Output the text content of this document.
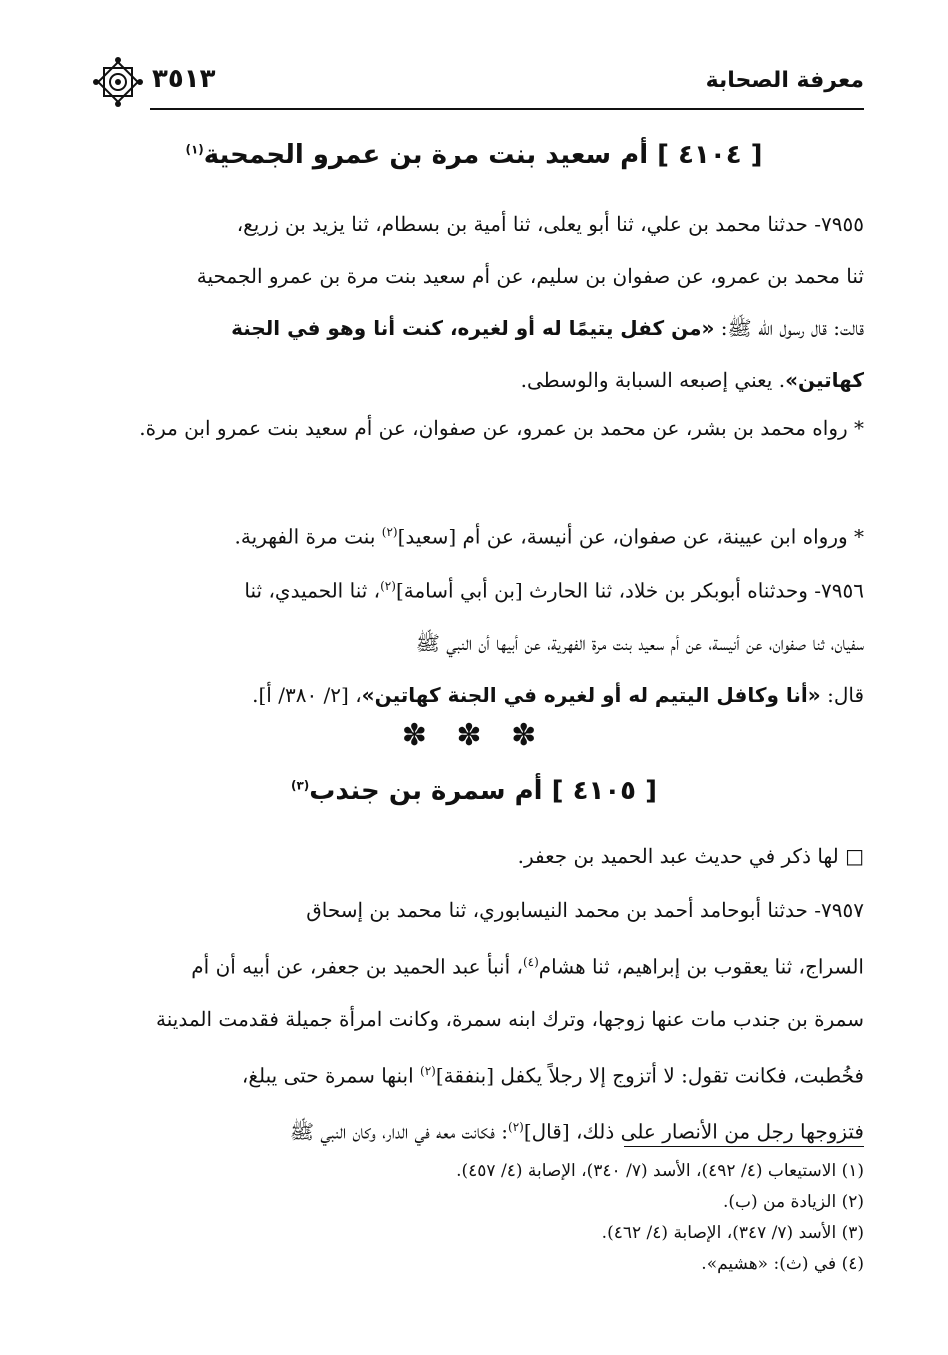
معرفة الصحابة
٣٥١٣
[ ٤١٠٤ ] أم سعيد بنت مرة بن عمرو الجمحية$^{(١)}$
٧٩٥٥- حدثنا محمد بن علي، ثنا أبو يعلى، ثنا أمية بن بسطام، ثنا يزيد بن زريع،
ثنا محمد بن عمرو، عن صفوان بن سليم، عن أم سعيد بنت مرة بن عمرو الجمحية
قالت: قال رسول الله ﷺ: «من كفل يتيمًا له أو لغيره، كنت أنا وهو في الجنة
كهاتين». يعني إصبعه السبابة والوسطى.
* رواه محمد بن بشر، عن محمد بن عمرو، عن صفوان، عن أم سعيد بنت عمرو ابن مرة.
* ورواه ابن عيينة، عن صفوان، عن أنيسة، عن أم [سعيد]$^{(٢)}$ بنت مرة الفهرية.
٧٩٥٦- وحدثناه أبوبكر بن خلاد، ثنا الحارث [بن أبي أسامة]$^{(٢)}$، ثنا الحميدي، ثنا
سفيان، ثنا صفوان، عن أنيسة، عن أم سعيد بنت مرة الفهرية، عن أبيها أن النبي ﷺ
قال: «أنا وكافل اليتيم له أو لغيره في الجنة كهاتين»، [٢/ ٣٨٠/ أ].
✽ ✽ ✽
[ ٤١٠٥ ] أم سمرة بن جندب$^{(٣)}$
□ لها ذكر في حديث عبد الحميد بن جعفر.
٧٩٥٧- حدثنا أبوحامد أحمد بن محمد النيسابوري، ثنا محمد بن إسحاق
السراج، ثنا يعقوب بن إبراهيم، ثنا هشام$^{(٤)}$، أنبأ عبد الحميد بن جعفر، عن أبيه أن أم
سمرة بن جندب مات عنها زوجها، وترك ابنه سمرة، وكانت امرأة جميلة فقدمت المدينة
فخُطبت، فكانت تقول: لا أتزوج إلا رجلاً يكفل [بنفقة]$^{(٢)}$ ابنها سمرة حتى يبلغ،
فتزوجها رجل من الأنصار على ذلك، [قال]$^{(٢)}$: فكانت معه في الدار، وكان النبي ﷺ
(١) الاستيعاب (٤/ ٤٩٢)، الأسد (٧/ ٣٤٠)، الإصابة (٤/ ٤٥٧).
(٢) الزيادة من (ب).
(٣) الأسد (٧/ ٣٤٧)، الإصابة (٤/ ٤٦٢).
(٤) في (ث): «هشيم».
